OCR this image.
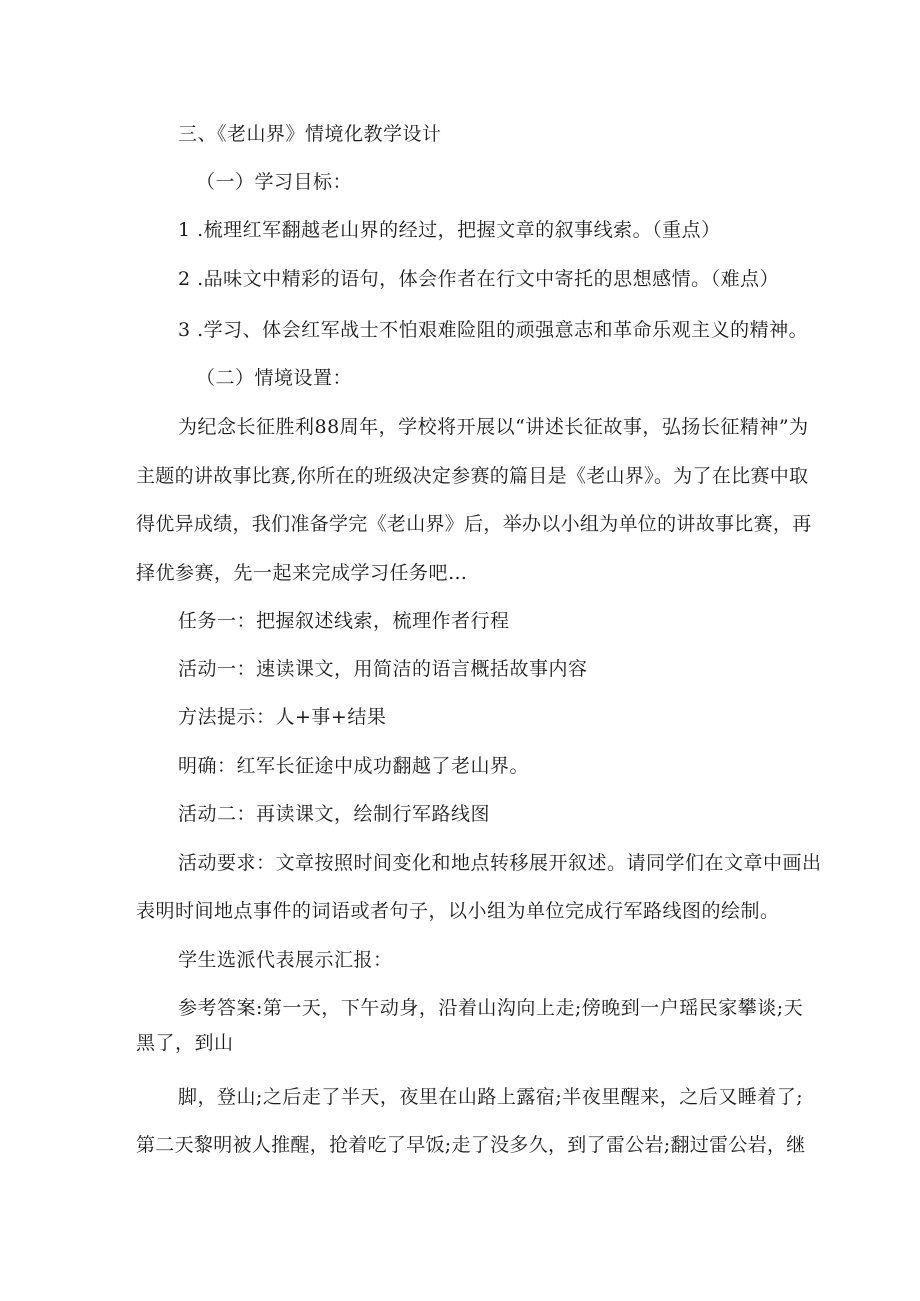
三、《老山界》情境化教学设计
（一）学习目标：
1 .梳理红军翻越老山界的经过，把握文章的叙事线索。（重点）
2 .品味文中精彩的语句，体会作者在行文中寄托的思想感情。（难点）
3 .学习、体会红军战士不怕艰难险阻的顽强意志和革命乐观主义的精神。
（二）情境设置：
为纪念长征胜利88周年，学校将开展以“讲述长征故事，弘扬长征精神”为
主题的讲故事比赛,你所在的班级决定参赛的篇目是《老山界》。为了在比赛中取
得优异成绩，我们准备学完《老山界》后，举办以小组为单位的讲故事比赛，再
择优参赛，先一起来完成学习任务吧…
任务一：把握叙述线索，梳理作者行程
活动一：速读课文，用简洁的语言概括故事内容
方法提示：人+事+结果
明确：红军长征途中成功翻越了老山界。
活动二：再读课文，绘制行军路线图
活动要求：文章按照时间变化和地点转移展开叙述。请同学们在文章中画出
表明时间地点事件的词语或者句子，以小组为单位完成行军路线图的绘制。
学生选派代表展示汇报：
参考答案:第一天，下午动身，沿着山沟向上走;傍晚到一户瑶民家攀谈;天
黑了，到山
脚，登山;之后走了半天，夜里在山路上露宿;半夜里醒来，之后又睡着了;
第二天黎明被人推醒，抢着吃了早饭;走了没多久，到了雷公岩;翻过雷公岩，继
